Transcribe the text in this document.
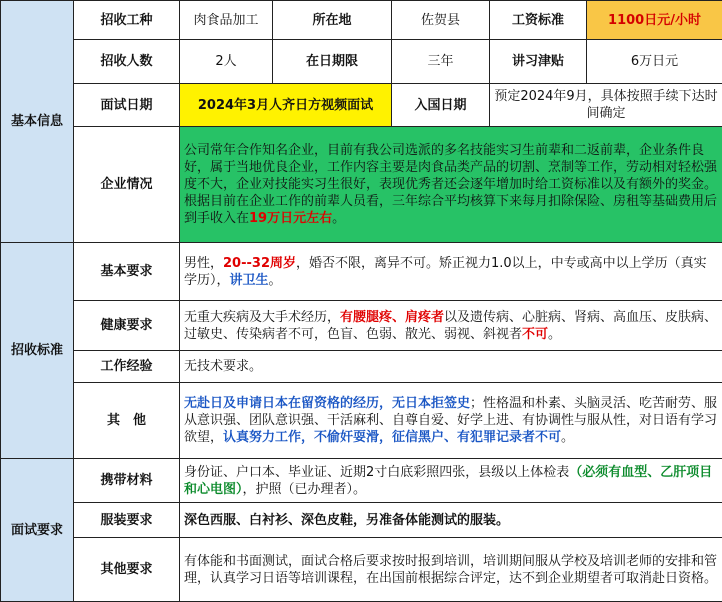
基本信息	招收工种	肉食品加工	所在地	佐贺县	工资标准	1100日元/小时
	招收人数	2人	在日期限	三年	讲习津贴	6万日元
	面试日期	2024年3月人齐日方视频面试		入国日期	预定2024年9月，具体按照手续下达时间确定	
	企业情况	公司常年合作知名企业，目前有我公司选派的多名技能实习生前辈和二返前辈，企业条件良好，属于当地优良企业，工作内容主要是肉食品类产品的切割、烹制等工作，劳动相对轻松强度不大，企业对技能实习生很好，表现优秀者还会逐年增加时给工资标准以及有额外的奖金。根据目前在企业工作的前辈人员看，三年综合平均核算下来每月扣除保险、房租等基础费用后到手收入在19万日元左右。				
招收标准	基本要求	男性，20--32周岁，婚否不限，离异不可。矫正视力1.0以上，中专或高中以上学历（真实学历），讲卫生。				
	健康要求	无重大疾病及大手术经历，有腰腿疼、肩疼者以及遗传病、心脏病、肾病、高血压、皮肤病、过敏史、传染病者不可，色盲、色弱、散光、弱视、斜视者不可。				
	工作经验	无技术要求。				
	其　他	无赴日及申请日本在留资格的经历，无日本拒签史；性格温和朴素、头脑灵活、吃苦耐劳、服从意识强、团队意识强、干活麻利、自尊自爱、好学上进、有协调性与服从性，对日语有学习欲望，认真努力工作，不偷奸耍滑，征信黑户、有犯罪记录者不可。				
面试要求	携带材料	身份证、户口本、毕业证、近期2寸白底彩照四张，县级以上体检表（必须有血型、乙肝项目和心电图），护照（已办理者）。				
	服装要求	深色西服、白衬衫、深色皮鞋，另准备体能测试的服装。				
	其他要求	有体能和书面测试，面试合格后要求按时报到培训，培训期间服从学校及培训老师的安排和管理，认真学习日语等培训课程，在出国前根据综合评定，达不到企业期望者可取消赴日资格。				
